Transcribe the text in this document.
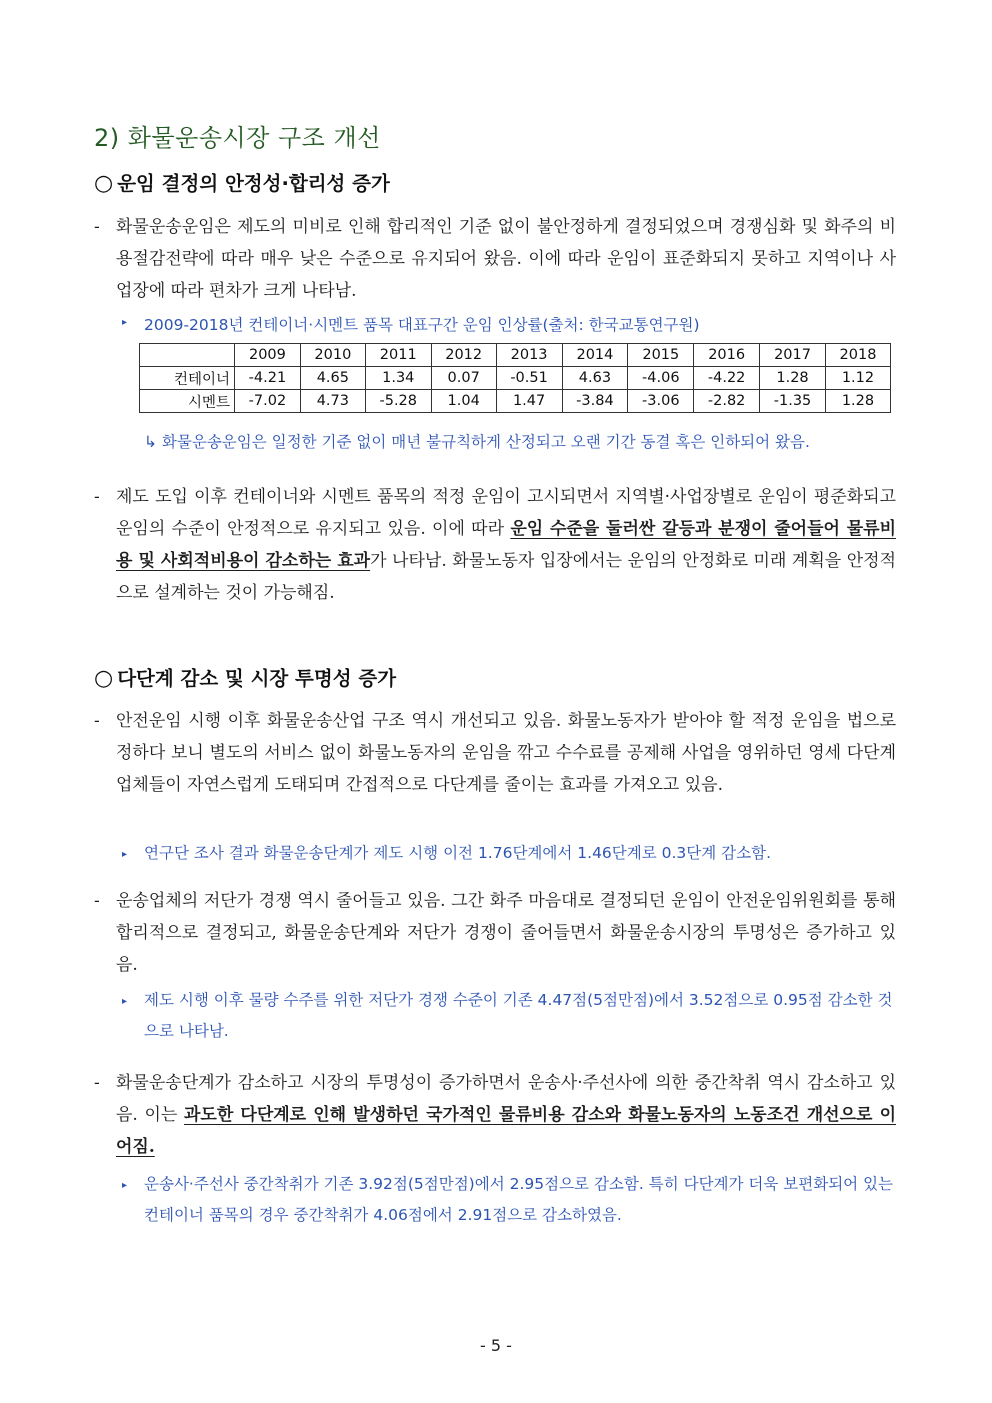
2) 화물운송시장 구조 개선
○ 운임 결정의 안정성·합리성 증가

- 화물운송운임은 제도의 미비로 인해 합리적인 기준 없이 불안정하게 결정되었으며 경쟁심화 및 화주의 비용절감전략에 따라 매우 낮은 수준으로 유지되어 왔음. 이에 따라 운임이 표준화되지 못하고 지역이나 사업장에 따라 편차가 크게 나타남.

▸ 2009-2018년 컨테이너·시멘트 품목 대표구간 운임 인상률(출처: 한국교통연구원)

	2009	2010	2011	2012	2013	2014	2015	2016	2017	2018
컨테이너	-4.21	4.65	1.34	0.07	-0.51	4.63	-4.06	-4.22	1.28	1.12
시멘트	-7.02	4.73	-5.28	1.04	1.47	-3.84	-3.06	-2.82	-1.35	1.28

↳ 화물운송운임은 일정한 기준 없이 매년 불규칙하게 산정되고 오랜 기간 동결 혹은 인하되어 왔음.

- 제도 도입 이후 컨테이너와 시멘트 품목의 적정 운임이 고시되면서 지역별·사업장별로 운임이 평준화되고 운임의 수준이 안정적으로 유지되고 있음. 이에 따라 운임 수준을 둘러싼 갈등과 분쟁이 줄어들어 물류비용 및 사회적비용이 감소하는 효과가 나타남. 화물노동자 입장에서는 운임의 안정화로 미래 계획을 안정적으로 설계하는 것이 가능해짐.

○ 다단계 감소 및 시장 투명성 증가

- 안전운임 시행 이후 화물운송산업 구조 역시 개선되고 있음. 화물노동자가 받아야 할 적정 운임을 법으로 정하다 보니 별도의 서비스 없이 화물노동자의 운임을 깎고 수수료를 공제해 사업을 영위하던 영세 다단계 업체들이 자연스럽게 도태되며 간접적으로 다단계를 줄이는 효과를 가져오고 있음.

▸ 연구단 조사 결과 화물운송단계가 제도 시행 이전 1.76단계에서 1.46단계로 0.3단계 감소함.

- 운송업체의 저단가 경쟁 역시 줄어들고 있음. 그간 화주 마음대로 결정되던 운임이 안전운임위원회를 통해 합리적으로 결정되고, 화물운송단계와 저단가 경쟁이 줄어들면서 화물운송시장의 투명성은 증가하고 있음.

▸ 제도 시행 이후 물량 수주를 위한 저단가 경쟁 수준이 기존 4.47점(5점만점)에서 3.52점으로 0.95점 감소한 것으로 나타남.

- 화물운송단계가 감소하고 시장의 투명성이 증가하면서 운송사·주선사에 의한 중간착취 역시 감소하고 있음. 이는 과도한 다단계로 인해 발생하던 국가적인 물류비용 감소와 화물노동자의 노동조건 개선으로 이어짐.

▸ 운송사·주선사 중간착취가 기존 3.92점(5점만점)에서 2.95점으로 감소함. 특히 다단계가 더욱 보편화되어 있는 컨테이너 품목의 경우 중간착취가 4.06점에서 2.91점으로 감소하였음.

- 5 -
